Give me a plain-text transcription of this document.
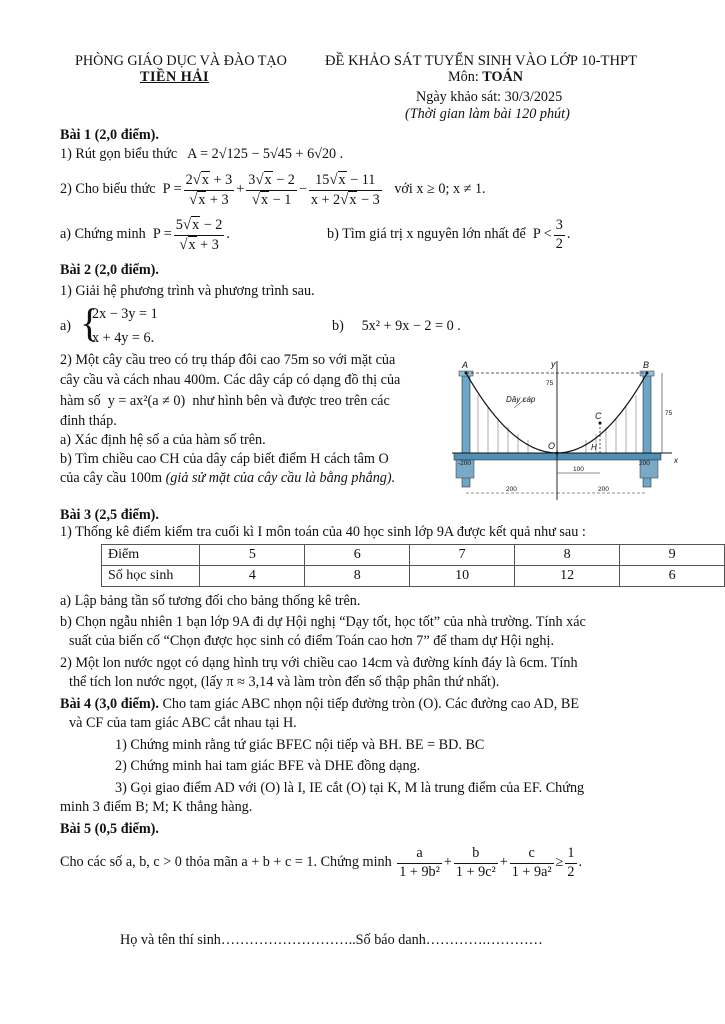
PHÒNG GIÁO DỤC VÀ ĐÀO TẠO
TIỀN HẢI
ĐỀ KHẢO SÁT TUYỂN SINH VÀO LỚP 10-THPT
Môn: TOÁN
Ngày khảo sát: 30/3/2025
(Thời gian làm bài 120 phút)
Bài 1 (2,0 điểm).
1) Rút gọn biểu thức A = 2√125 − 5√45 + 6√20 .
2) Cho biểu thức $P = \frac{2√x + 3}{√x + 3} + \frac{3√x - 2}{√x - 1} - \frac{15√x - 11}{x + 2√x - 3}$
với x ≥ 0; x ≠ 1.
a) Chứng minh $P = \frac{5√x - 2}{√x + 3}$ .	b) Tìm giá trị x nguyên lớn nhất để
$P < \frac{3}{2}$ .
Bài 2 (2,0 điểm).
1) Giải hệ phương trình và phương trình sau.
a) {
2x − 3y = 1
x + 4y = 6.
b) 5x² + 9x − 2 = 0 .
2) Một cây cầu treo có trụ tháp đôi cao 75m so với mặt của
cây cầu và cách nhau 400m. Các dây cáp có dạng đồ thị của
hàm số y = ax²(a ≠ 0) như hình bên và được treo trên các
đỉnh tháp.
a) Xác định hệ số a của hàm số trên.
b) Tìm chiều cao CH của dây cáp biết điểm H cách tâm O
của cây cầu 100m (giả sử mặt của cây cầu là bằng phẳng).
A	B
y
O
C
H
x
Dây cáp
-200	200
75
75
100
200	200
Bài 3 (2,5 điểm).
1) Thống kê điểm kiểm tra cuối kì I môn toán của 40 học sinh lớp 9A được kết quả như sau :
Điểm	5	6	7	8	9
Số học sinh	4	8	10	12	6
a) Lập bảng tần số tương đối cho bảng thống kê trên.
b) Chọn ngẫu nhiên 1 bạn lớp 9A đi dự Hội nghị “Dạy tốt, học tốt” của nhà trường. Tính xác
suất của biến cố “Chọn được học sinh có điểm Toán cao hơn 7” để tham dự Hội nghị.
2) Một lon nước ngọt có dạng hình trụ với chiều cao 14cm và đường kính đáy là 6cm. Tính
thể tích lon nước ngọt, (lấy π ≈ 3,14 và làm tròn đến số thập phân thứ nhất).
Bài 4 (3,0 điểm). Cho tam giác ABC nhọn nội tiếp đường tròn (O). Các đường cao AD, BE
và CF của tam giác ABC cắt nhau tại H.
1) Chứng minh rằng tứ giác BFEC nội tiếp và BH. BE = BD. BC
2) Chứng minh hai tam giác BFE và DHE đồng dạng.
3) Gọi giao điểm AD với (O) là I, IE cắt (O) tại K, M là trung điểm của EF. Chứng
minh 3 điểm B; M; K thẳng hàng.
Bài 5 (0,5 điểm).
Cho các số
a, b, c > 0
thỏa mãn
a + b + c = 1 . Chứng minh
$\frac{a}{\text{1 + 9b²}} + \frac{b}{\text{1 + 9c²}} + \frac{c}{\text{1 + 9a²}} \ge \frac{1}{2}$ .
Họ và tên thí sinh………………………..Số báo danh………….…………
